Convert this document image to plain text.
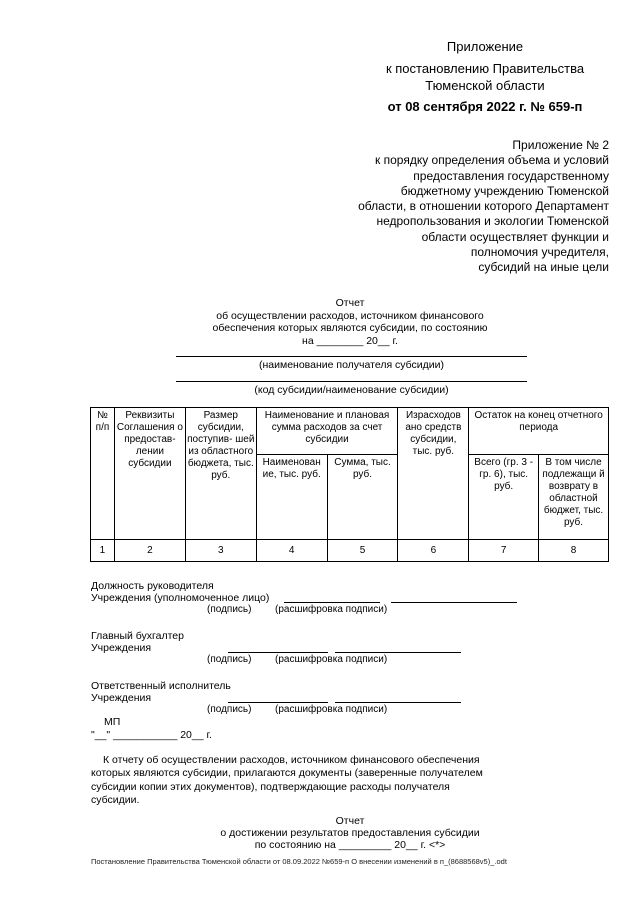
Приложение
к постановлению Правительства
Тюменской области
от 08 сентября 2022 г. № 659-п
Приложение № 2
к порядку определения объема и условий
предоставления государственному
бюджетному учреждению Тюменской
области, в отношении которого Департамент
недропользования и экологии Тюменской
области осуществляет функции и
полномочия учредителя,
субсидий на иные цели
Отчет
об осуществлении расходов, источником финансового
обеспечения которых являются субсидии, по состоянию
на ________ 20__ г.
(наименование получателя субсидии)
(код субсидии/наименование субсидии)
№ п/п	Реквизиты Соглашения о предостав- лении субсидии	Размер субсидии, поступив- шей из областного бюджета, тыс. руб.	Наименование и плановая сумма расходов за счет субсидии		Израсходов ано средств субсидии, тыс. руб.	Остаток на конец отчетного периода	
			Наименован ие, тыс. руб.	Сумма, тыс. руб.		Всего (гр. 3 - гр. 6), тыс. руб.	В том числе подлежащи й возврату в областной бюджет, тыс. руб.
1	2	3	4	5	6	7	8
Должность руководителя
Учреждения (уполномоченное лицо)
(подпись) (расшифровка подписи)
Главный бухгалтер
Учреждения
(подпись) (расшифровка подписи)
Ответственный исполнитель
Учреждения
(подпись) (расшифровка подписи)
МП
"__" ___________ 20__ г.
К отчету об осуществлении расходов, источником финансового обеспечения
которых являются субсидии, прилагаются документы (заверенные получателем
субсидии копии этих документов), подтверждающие расходы получателя
субсидии.
Отчет
о достижении результатов предоставления субсидии
по состоянию на _________ 20__ г. <*>
Постановление Правительства Тюменской области от 08.09.2022 №659-п О внесении изменений в п_(8688568v5)_.odt
